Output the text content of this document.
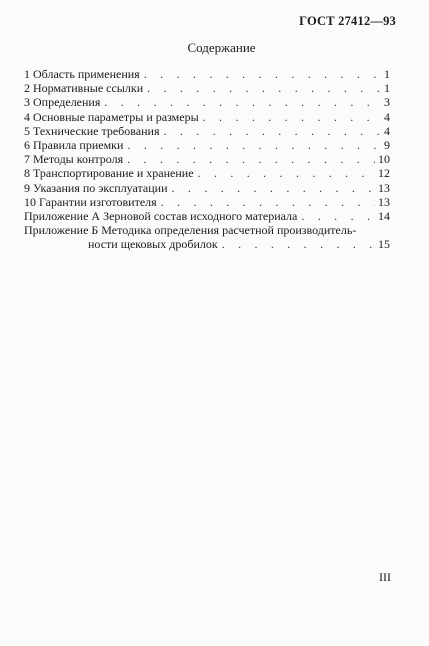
ГОСТ 27412—93
Содержание
1 Область применения . . .	1
2 Нормативные ссылки . . .	1
3 Определения . . .	3
4 Основные параметры и размеры . . .	4
5 Технические требования . . .	4
6 Правила приемки . . .	9
7 Методы контроля . . .	10
8 Транспортирование и хранение . . .	12
9 Указания по эксплуатации . . .	13
10 Гарантии изготовителя . . .	13
Приложение А Зерновой состав исходного материала . . .	14
Приложение Б Методика определения расчетной производитель-
ности щековых дробилок . . .	15
III
